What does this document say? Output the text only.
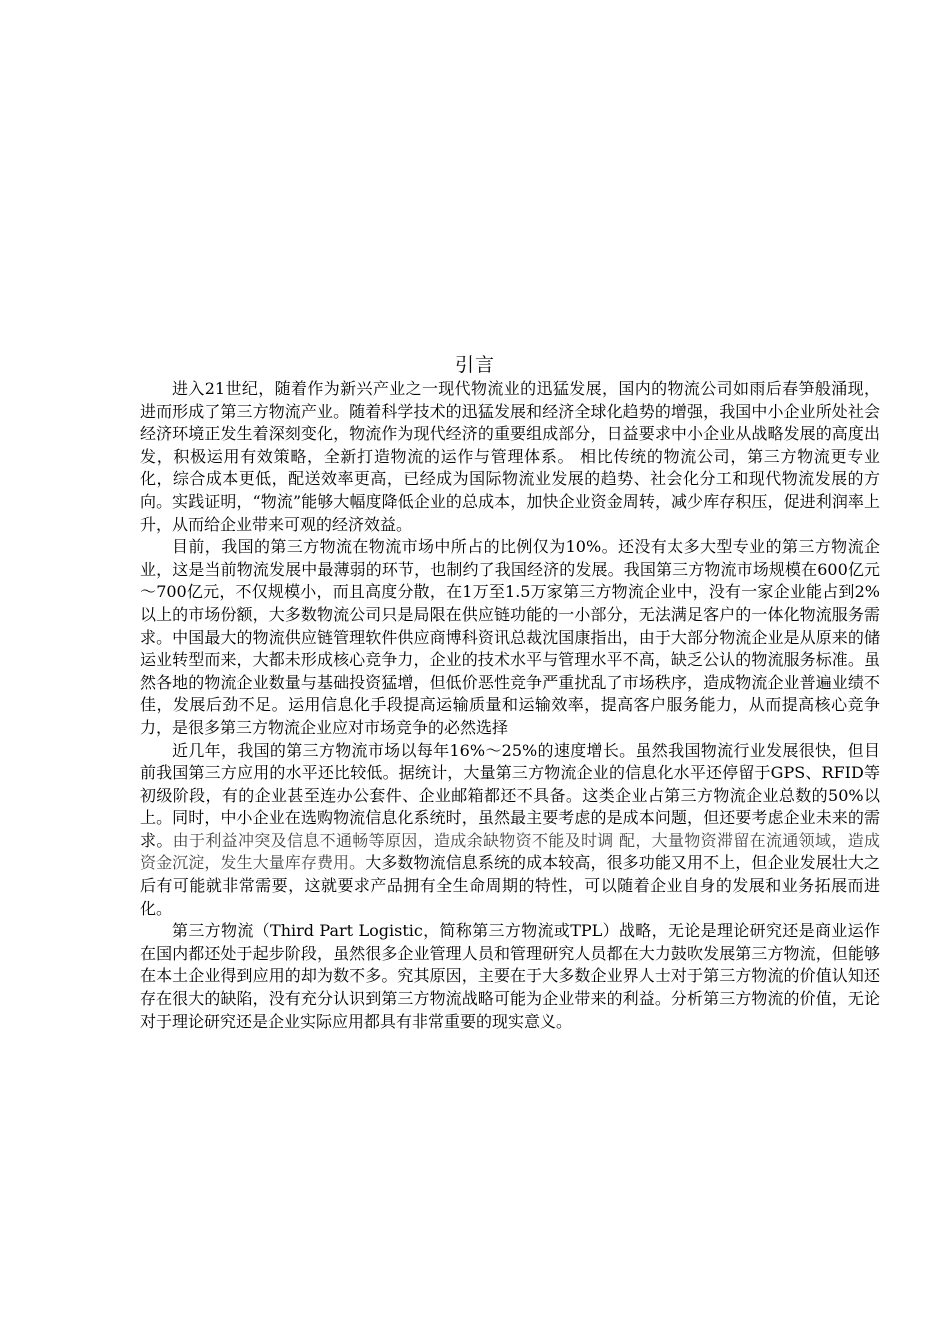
引言

进入21世纪，随着作为新兴产业之一现代物流业的迅猛发展，国内的物流公司如雨后春笋般涌现，进而形成了第三方物流产业。随着科学技术的迅猛发展和经济全球化趋势的增强，我国中小企业所处社会经济环境正发生着深刻变化，物流作为现代经济的重要组成部分，日益要求中小企业从战略发展的高度出发，积极运用有效策略，全新打造物流的运作与管理体系。 相比传统的物流公司，第三方物流更专业化，综合成本更低，配送效率更高，已经成为国际物流业发展的趋势、社会化分工和现代物流发展的方向。实践证明，“物流”能够大幅度降低企业的总成本，加快企业资金周转，减少库存积压，促进利润率上升，从而给企业带来可观的经济效益。

目前，我国的第三方物流在物流市场中所占的比例仅为10%。还没有太多大型专业的第三方物流企业，这是当前物流发展中最薄弱的环节，也制约了我国经济的发展。我国第三方物流市场规模在600亿元～700亿元，不仅规模小，而且高度分散，在1万至1.5万家第三方物流企业中，没有一家企业能占到2%以上的市场份额，大多数物流公司只是局限在供应链功能的一小部分，无法满足客户的一体化物流服务需求。中国最大的物流供应链管理软件供应商博科资讯总裁沈国康指出，由于大部分物流企业是从原来的储运业转型而来，大都未形成核心竞争力，企业的技术水平与管理水平不高，缺乏公认的物流服务标准。虽然各地的物流企业数量与基础投资猛增，但低价恶性竞争严重扰乱了市场秩序，造成物流企业普遍业绩不佳，发展后劲不足。运用信息化手段提高运输质量和运输效率，提高客户服务能力，从而提高核心竞争力，是很多第三方物流企业应对市场竞争的必然选择

近几年，我国的第三方物流市场以每年16%～25%的速度增长。虽然我国物流行业发展很快，但目前我国第三方应用的水平还比较低。据统计，大量第三方物流企业的信息化水平还停留于GPS、RFID等初级阶段，有的企业甚至连办公套件、企业邮箱都还不具备。这类企业占第三方物流企业总数的50%以上。同时，中小企业在选购物流信息化系统时，虽然最主要考虑的是成本问题，但还要考虑企业未来的需求。由于利益冲突及信息不通畅等原因，造成余缺物资不能及时调 配，大量物资滞留在流通领域，造成资金沉淀，发生大量库存费用。大多数物流信息系统的成本较高，很多功能又用不上，但企业发展壮大之后有可能就非常需要，这就要求产品拥有全生命周期的特性，可以随着企业自身的发展和业务拓展而进化。

第三方物流（Third Part Logistic，简称第三方物流或TPL）战略，无论是理论研究还是商业运作在国内都还处于起步阶段，虽然很多企业管理人员和管理研究人员都在大力鼓吹发展第三方物流，但能够在本土企业得到应用的却为数不多。究其原因，主要在于大多数企业界人士对于第三方物流的价值认知还存在很大的缺陷，没有充分认识到第三方物流战略可能为企业带来的利益。分析第三方物流的价值，无论对于理论研究还是企业实际应用都具有非常重要的现实意义。
